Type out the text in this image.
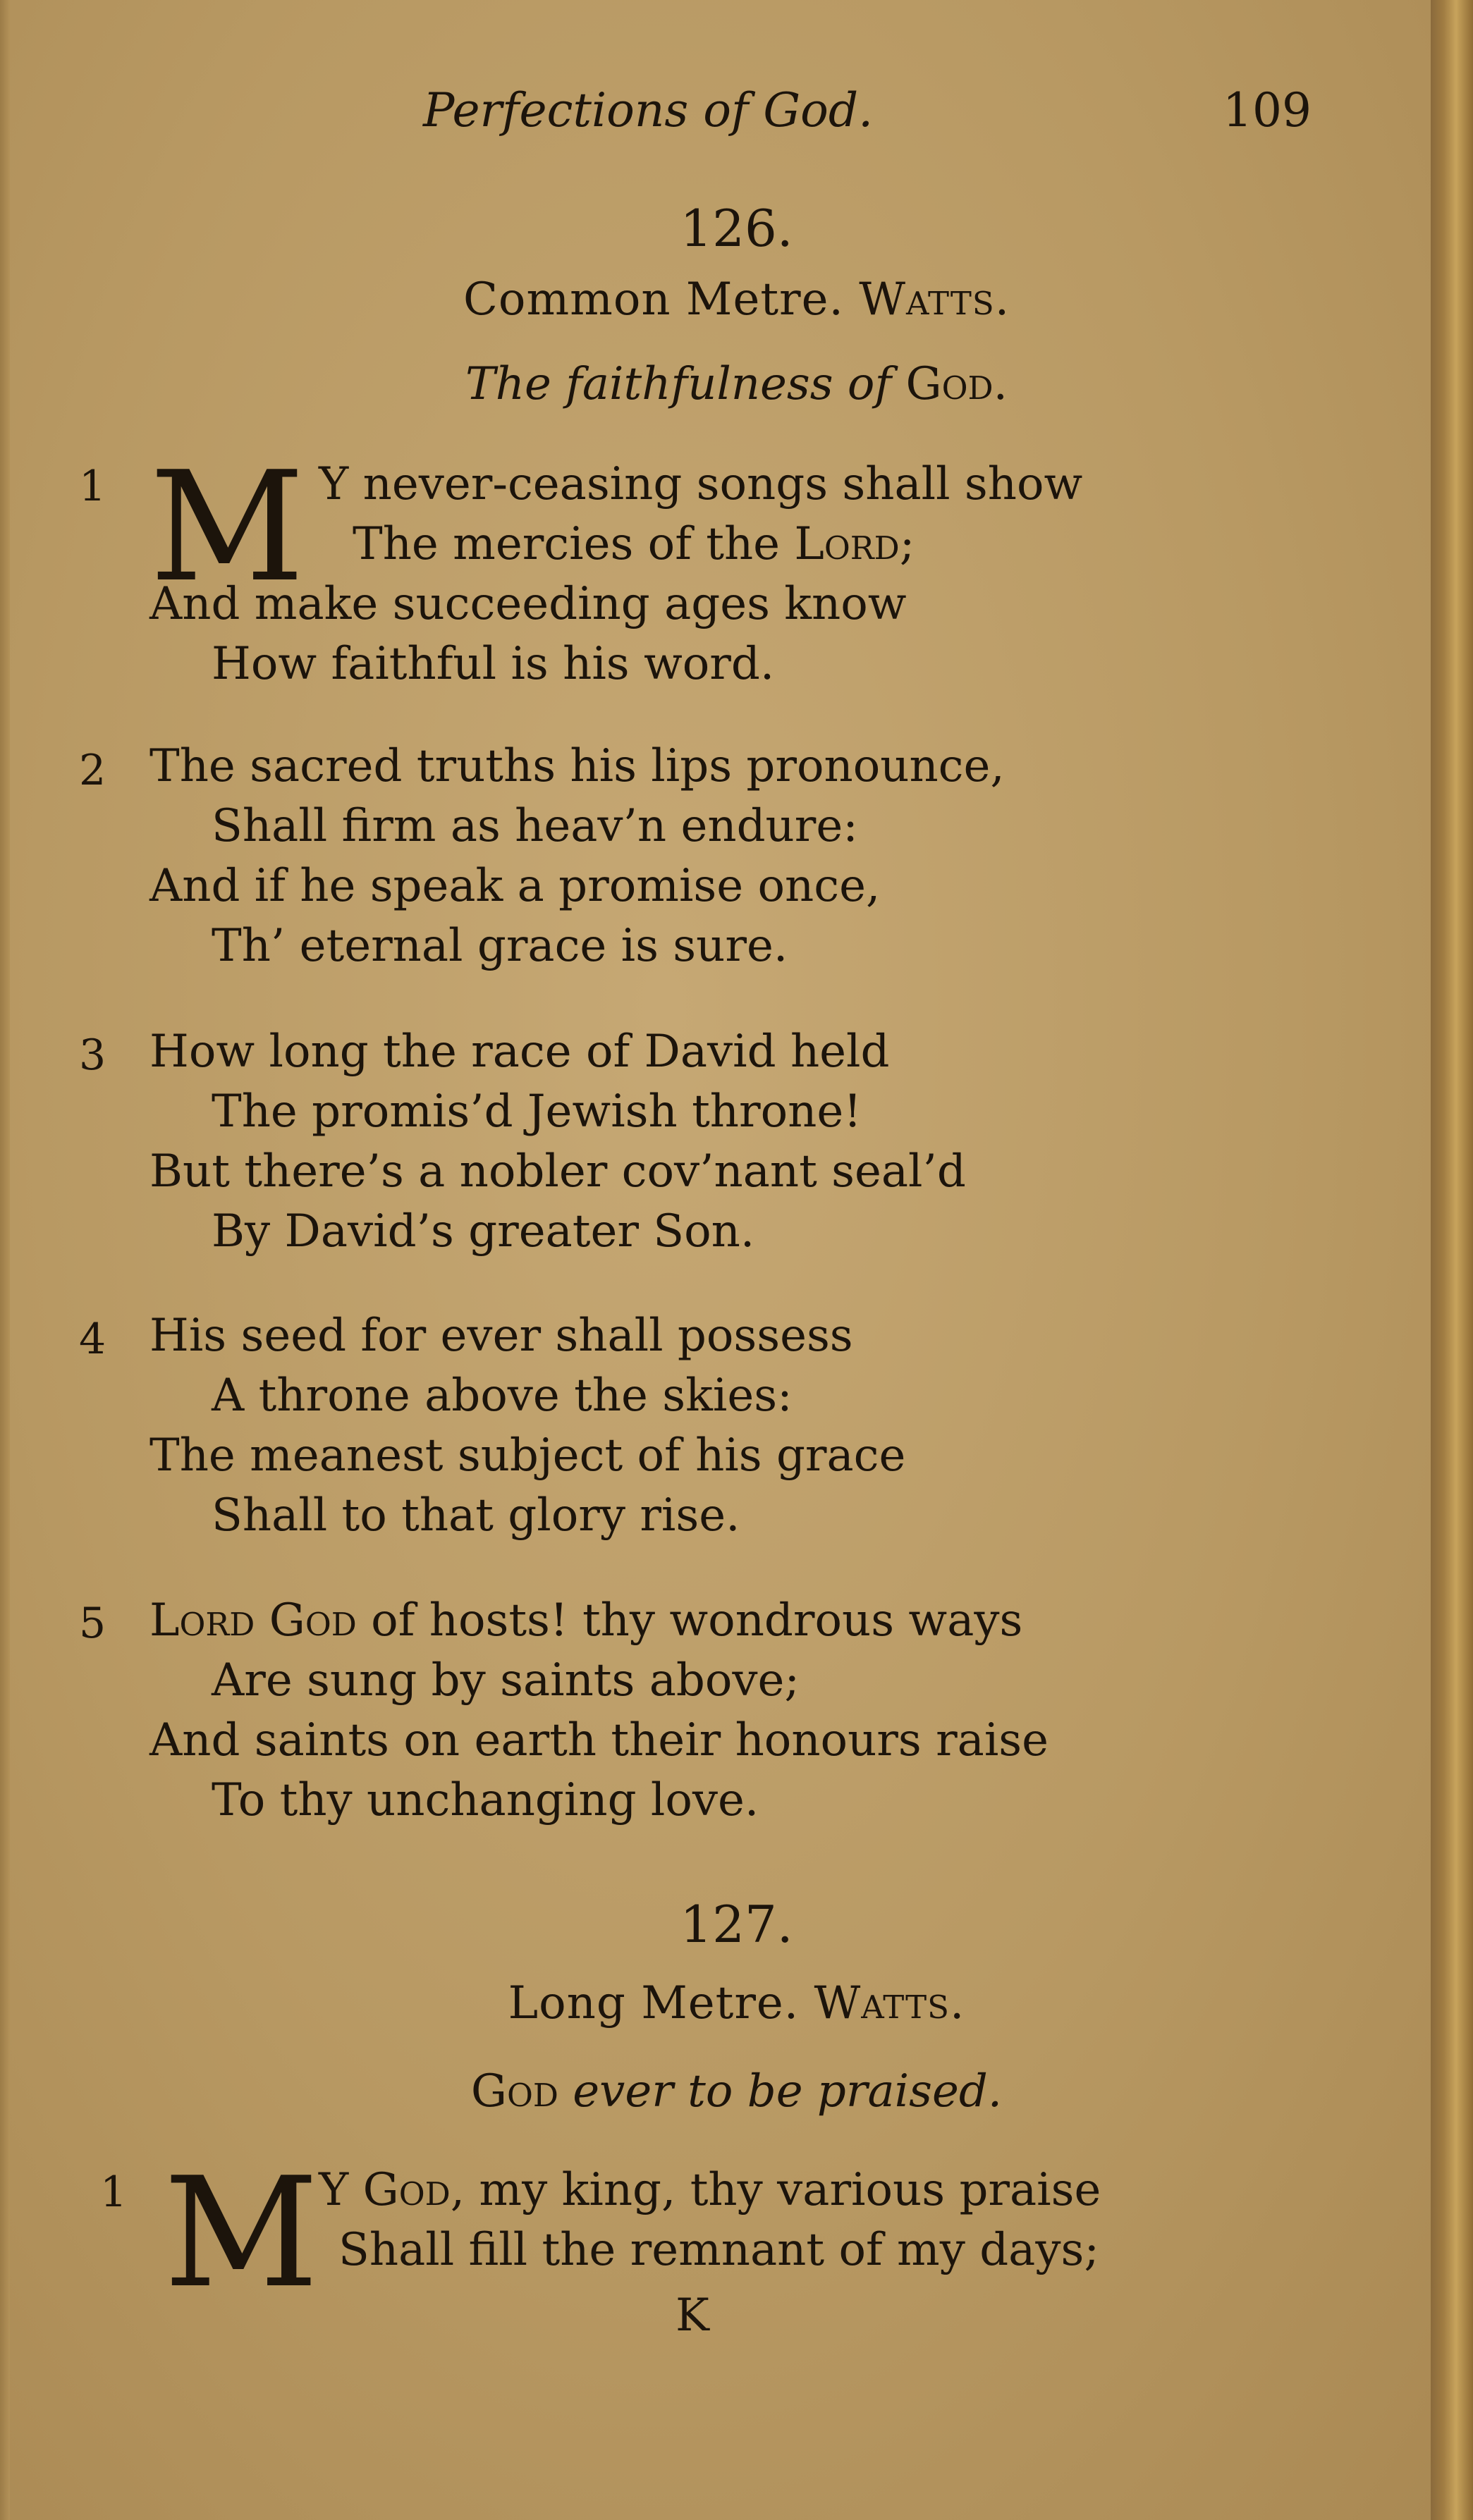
Perfections of God.	109
126.
Common Metre. Watts.
The faithfulness of God.
1 M Y never-ceasing songs shall show
The mercies of the Lord;
And make succeeding ages know
How faithful is his word.
2 The sacred truths his lips pronounce,
Shall firm as heav’n endure:
And if he speak a promise once,
Th’ eternal grace is sure.
3 How long the race of David held
The promis’d Jewish throne!
But there’s a nobler cov’nant seal’d
By David’s greater Son.
4 His seed for ever shall possess
A throne above the skies:
The meanest subject of his grace
Shall to that glory rise.
5 Lord God of hosts! thy wondrous ways
Are sung by saints above;
And saints on earth their honours raise
To thy unchanging love.
127.
Long Metre. Watts.
God ever to be praised.
1 M Y God, my king, thy various praise
Shall fill the remnant of my days;
K
